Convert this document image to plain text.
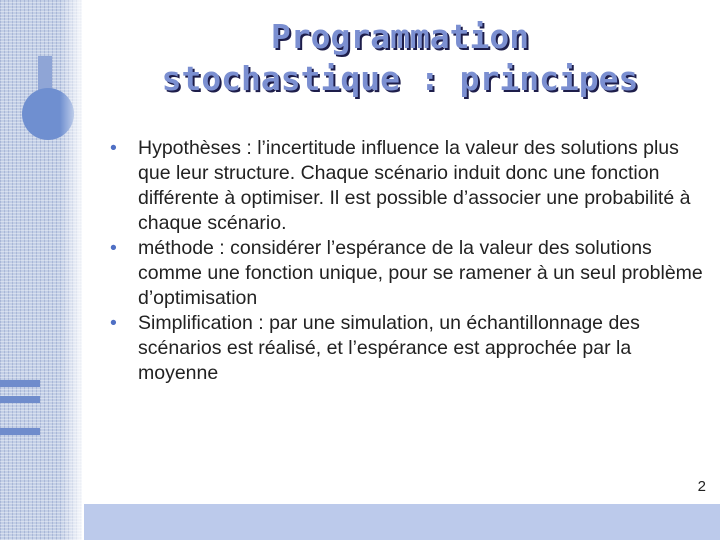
Programmation
stochastique : principes
• Hypothèses : l’incertitude influence la valeur des solutions plus que leur structure. Chaque scénario induit donc une fonction différente à optimiser. Il est possible d’associer une probabilité à chaque scénario.
• méthode : considérer l’espérance de la valeur des solutions comme une fonction unique, pour se ramener à un seul problème d’optimisation
• Simplification : par une simulation, un échantillonnage des scénarios est réalisé, et l’espérance est approchée par la moyenne
2
